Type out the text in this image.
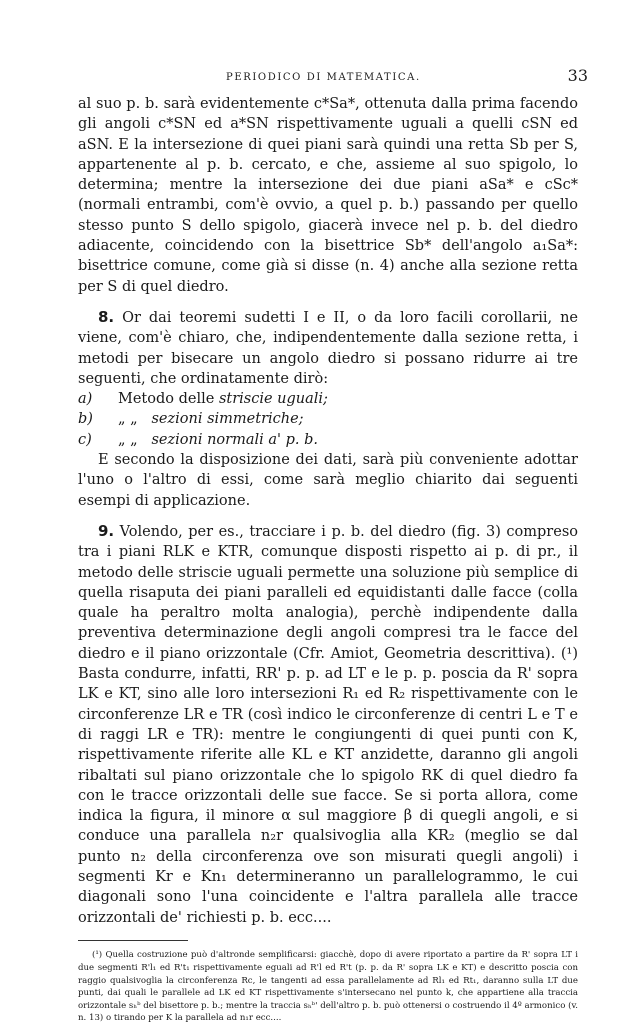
PERIODICO DI MATEMATICA.	33

al suo p. b. sarà evidentemente c*Sa*, ottenuta dalla prima facendo gli angoli c*SN ed a*SN rispettivamente uguali a quelli cSN ed aSN. E la intersezione di quei piani sarà quindi una retta Sb per S, appartenente al p. b. cercato, e che, assieme al suo spigolo, lo determina; mentre la intersezione dei due piani aSa* e cSc* (normali entrambi, com'è ovvio, a quel p. b.) passando per quello stesso punto S dello spigolo, giacerà invece nel p. b. del diedro adiacente, coincidendo con la bisettrice Sb* dell'angolo a₁Sa*: bisettrice comune, come già si disse (n. 4) anche alla sezione retta per S di quel diedro.

8. Or dai teoremi sudetti I e II, o da loro facili corollarii, ne viene, com'è chiaro, che, indipendentemente dalla sezione retta, i metodi per bisecare un angolo diedro si possano ridurre ai tre seguenti, che ordinatamente dirò:

a)	Metodo delle
striscie uguali;
b)	„ „
sezioni simmetriche;
c)	„ „
sezioni normali a' p. b.

E secondo la disposizione dei dati, sarà più conveniente adottar l'uno o l'altro di essi, come sarà meglio chiarito dai seguenti esempi di applicazione.

9. Volendo, per es., tracciare i p. b. del diedro (fig. 3) compreso tra i piani RLK e KTR, comunque disposti rispetto ai p. di pr., il metodo delle striscie uguali permette una soluzione più semplice di quella risaputa dei piani paralleli ed equidistanti dalle facce (colla quale ha peraltro molta analogia), perchè indipendente dalla preventiva determinazione degli angoli compresi tra le facce del diedro e il piano orizzontale (Cfr. Amiot, Geometria descrittiva). (¹) Basta condurre, infatti, RR' p. p. ad LT e le p. p. poscia da R' sopra LK e KT, sino alle loro intersezioni R₁ ed R₂ rispettivamente con le circonferenze LR e TR (così indico le circonferenze di centri L e T e di raggi LR e TR): mentre le congiungenti di quei punti con K, rispettivamente riferite alle KL e KT anzidette, daranno gli angoli ribaltati sul piano orizzontale che lo spigolo RK di quel diedro fa con le tracce orizzontali delle sue facce. Se si porta allora, come indica la figura, il minore α sul maggiore β di quegli angoli, e si conduce una parallela n₂r qualsivoglia alla KR₂ (meglio se dal punto n₂ della circonferenza ove son misurati quegli angoli) i segmenti Kr e Kn₁ determineranno un parallelogrammo, le cui diagonali sono l'una coincidente e l'altra parallela alle tracce orizzontali de' richiesti p. b. ecc....

(¹) Quella costruzione può d'altronde semplificarsi: giacchè, dopo di avere riportato a partire da R' sopra LT i due segmenti R'l₁ ed R't₁ rispettivamente eguali ad R'l ed R't (p. p. da R' sopra LK e KT) e descritto poscia con raggio qualsivoglia la circonferenza Rc, le tangenti ad essa parallelamente ad Rl₁ ed Rt₁, daranno sulla LT due punti, dai quali le parallele ad LK ed KT rispettivamente s'intersecano nel punto k, che appartiene alla traccia orizzontale sₕᵇ del bisettore p. b.; mentre la traccia sₕᵇ' dell'altro p. b. può ottenersi o costruendo il 4º armonico (v. n. 13) o tirando per K la parallela ad n₁r ecc....
